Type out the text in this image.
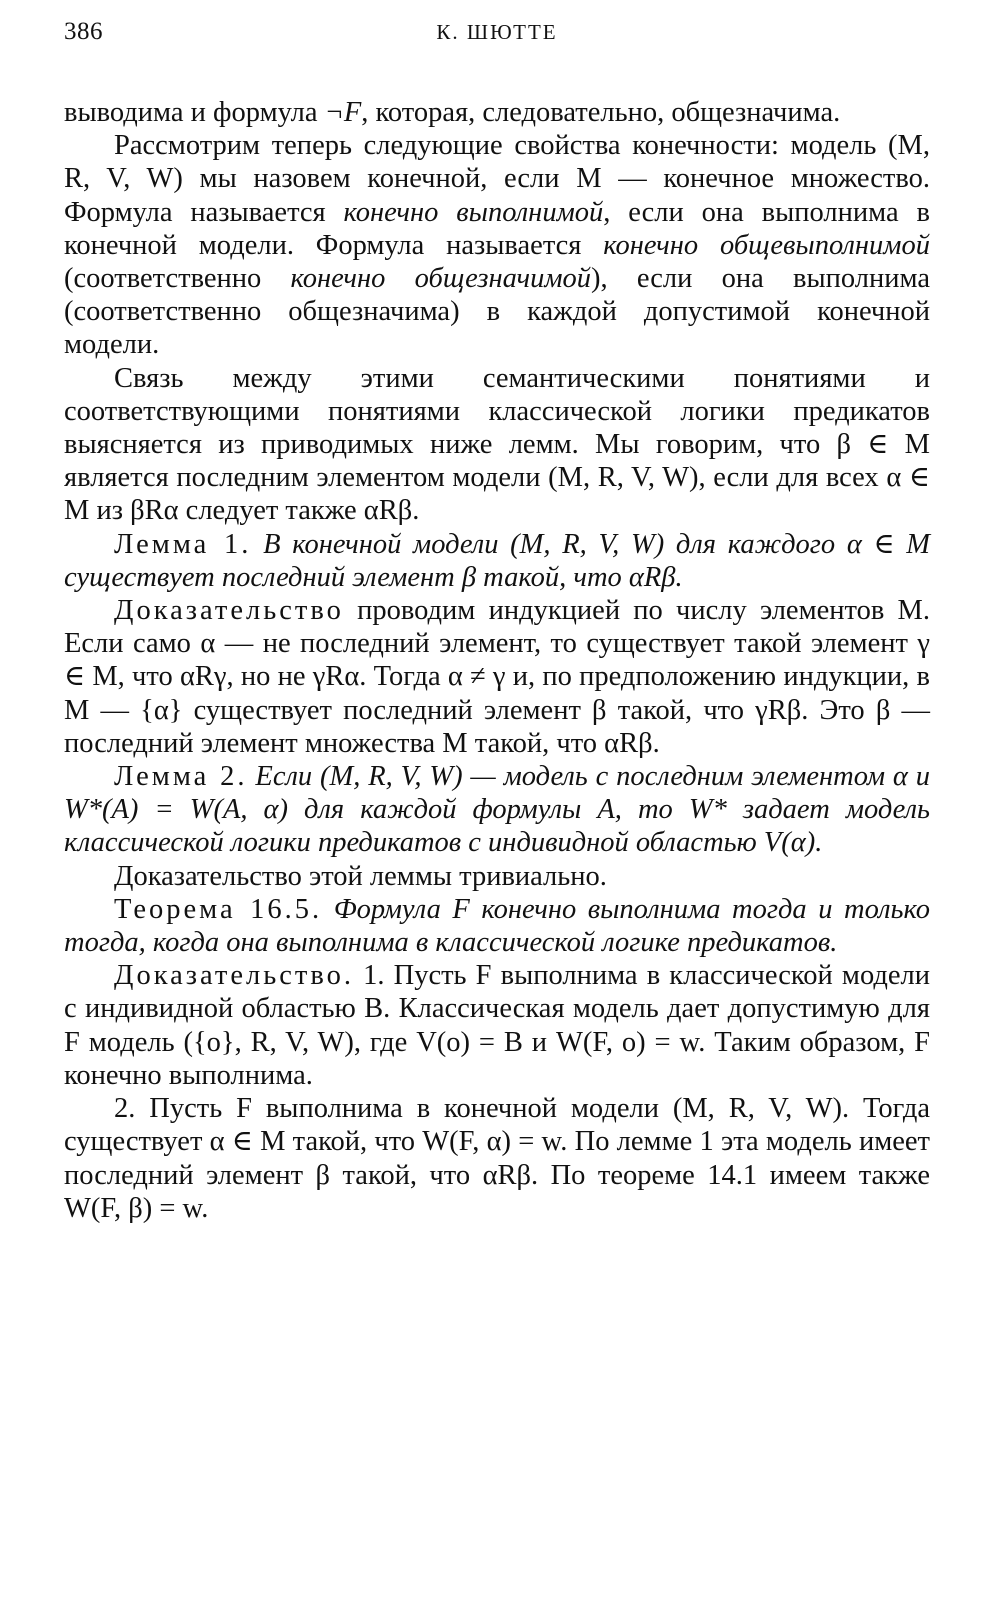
386	К. ШЮТТЕ

выводима и формула ¬F, которая, следовательно, общезначима.

Рассмотрим теперь следующие свойства конечности: модель (M, R, V, W) мы назовем конечной, если M — конечное множество. Формула называется конечно выполнимой, если она выполнима в конечной модели. Формула называется конечно общевыполнимой (соответственно конечно общезначимой), если она выполнима (соответственно общезначима) в каждой допустимой конечной модели.

Связь между этими семантическими понятиями и соответствующими понятиями классической логики предикатов выясняется из приводимых ниже лемм. Мы говорим, что β ∈ M является последним элементом модели (M, R, V, W), если для всех α ∈ M из βRα следует также αRβ.

Лемма 1. В конечной модели (M, R, V, W) для каждого α ∈ M существует последний элемент β такой, что αRβ.

Доказательство проводим индукцией по числу элементов M. Если само α — не последний элемент, то существует такой элемент γ ∈ M, что αRγ, но не γRα. Тогда α ≠ γ и, по предположению индукции, в M — {α} существует последний элемент β такой, что γRβ. Это β — последний элемент множества M такой, что αRβ.

Лемма 2. Если (M, R, V, W) — модель с последним элементом α и W*(A) = W(A, α) для каждой формулы A, то W* задает модель классической логики предикатов с индивидной областью V(α).

Доказательство этой леммы тривиально.

Теорема 16.5. Формула F конечно выполнима тогда и только тогда, когда она выполнима в классической логике предикатов.

Доказательство. 1. Пусть F выполнима в классической модели с индивидной областью B. Классическая модель дает допустимую для F модель ({o}, R, V, W), где V(o) = B и W(F, o) = w. Таким образом, F конечно выполнима.

2. Пусть F выполнима в конечной модели (M, R, V, W). Тогда существует α ∈ M такой, что W(F, α) = w. По лемме 1 эта модель имеет последний элемент β такой, что αRβ. По теореме 14.1 имеем также W(F, β) = w.
